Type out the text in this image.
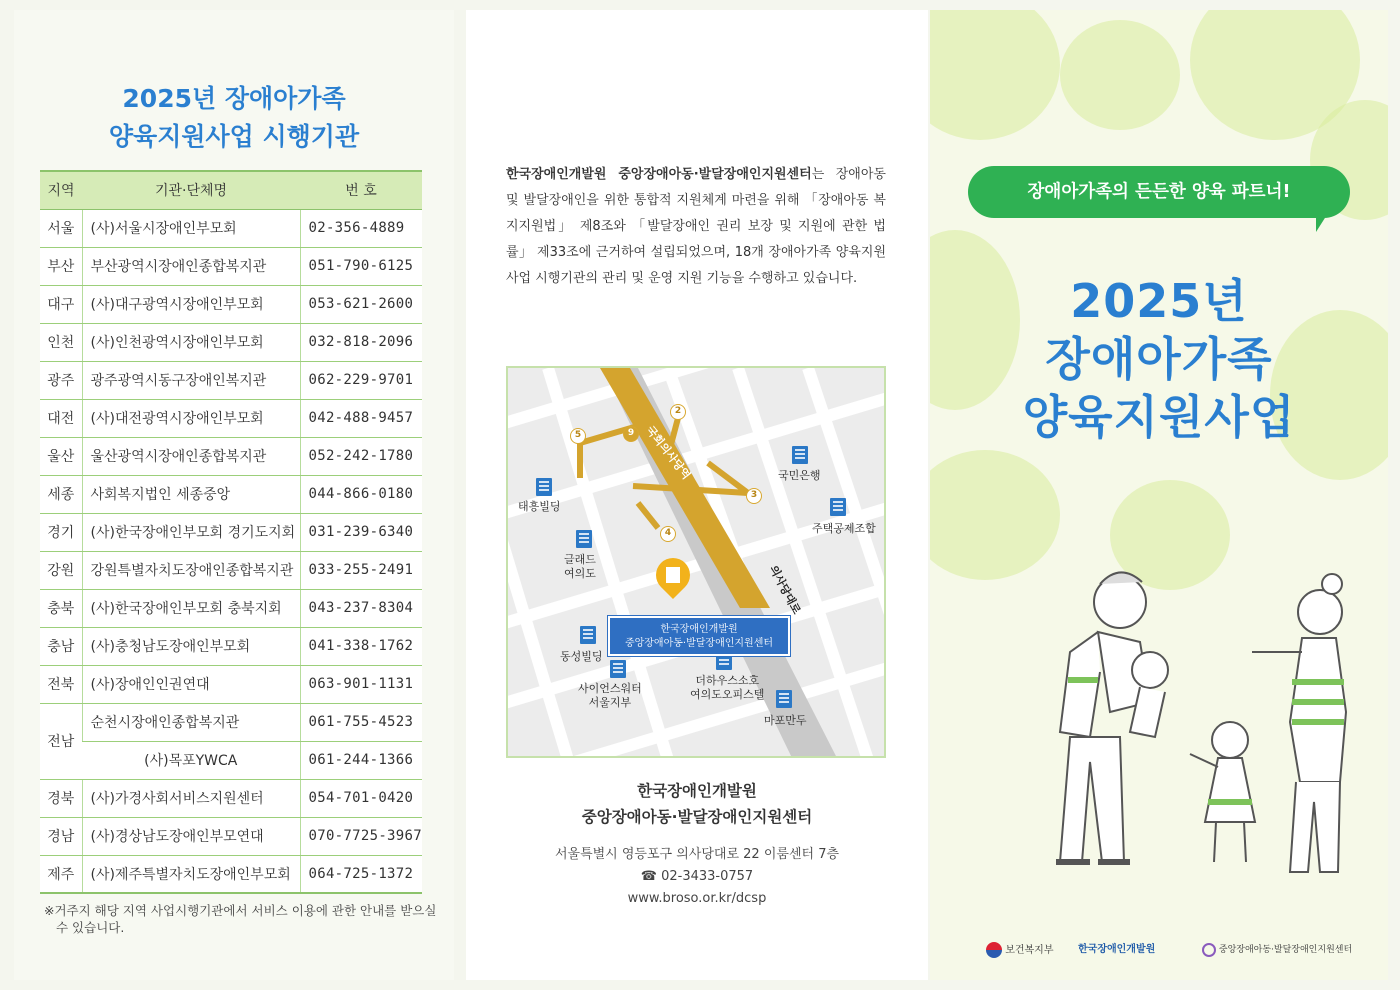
2025년 장애아가족
양육지원사업 시행기관
지역	기관·단체명	번 호
서울	(사)서울시장애인부모회	02-356-4889
부산	부산광역시장애인종합복지관	051-790-6125
대구	(사)대구광역시장애인부모회	053-621-2600
인천	(사)인천광역시장애인부모회	032-818-2096
광주	광주광역시동구장애인복지관	062-229-9701
대전	(사)대전광역시장애인부모회	042-488-9457
울산	울산광역시장애인종합복지관	052-242-1780
세종	사회복지법인 세종중앙	044-866-0180
경기	(사)한국장애인부모회 경기도지회	031-239-6340
강원	강원특별자치도장애인종합복지관	033-255-2491
충북	(사)한국장애인부모회 충북지회	043-237-8304
충남	(사)충청남도장애인부모회	041-338-1762
전북	(사)장애인인권연대	063-901-1131
전남	순천시장애인종합복지관	061-755-4523
	(사)목포YWCA	061-244-1366
경북	(사)가경사회서비스지원센터	054-701-0420
경남	(사)경상남도장애인부모연대	070-7725-3967
제주	(사)제주특별자치도장애인부모회	064-725-1372
※거주지 해당 지역 사업시행기관에서 서비스 이용에 관한 안내를 받으실 수 있습니다.
한국장애인개발원 중앙장애아동·발달장애인지원센터는 장애아동 및 발달장애인을 위한 통합적 지원체계 마련을 위해 「장애아동 복지지원법」 제8조와 「발달장애인 권리 보장 및 지원에 관한 법률」 제33조에 근거하여 설립되었으며, 18개 장애아가족 양육지원사업 시행기관의 관리 및 운영 지원 기능을 수행하고 있습니다.
9 국회의사당역
2
3
4
5
의사당대로
태흥빌딩
국민은행
주택공제조합
글래드
여의도
동성빌딩
사이언스워터
서울지부
더하우스소호
여의도오피스텔
마포만두
한국장애인개발원
중앙장애아동·발달장애인지원센터
한국장애인개발원
중앙장애아동·발달장애인지원센터
서울특별시 영등포구 의사당대로 22 이룸센터 7층
☎ 02-3433-0757
www.broso.or.kr/dcsp
장애아가족의 든든한 양육 파트너!
2025년
장애아가족
양육지원사업
보건복지부 한국장애인개발원	중앙장애아동·발달장애인지원센터
